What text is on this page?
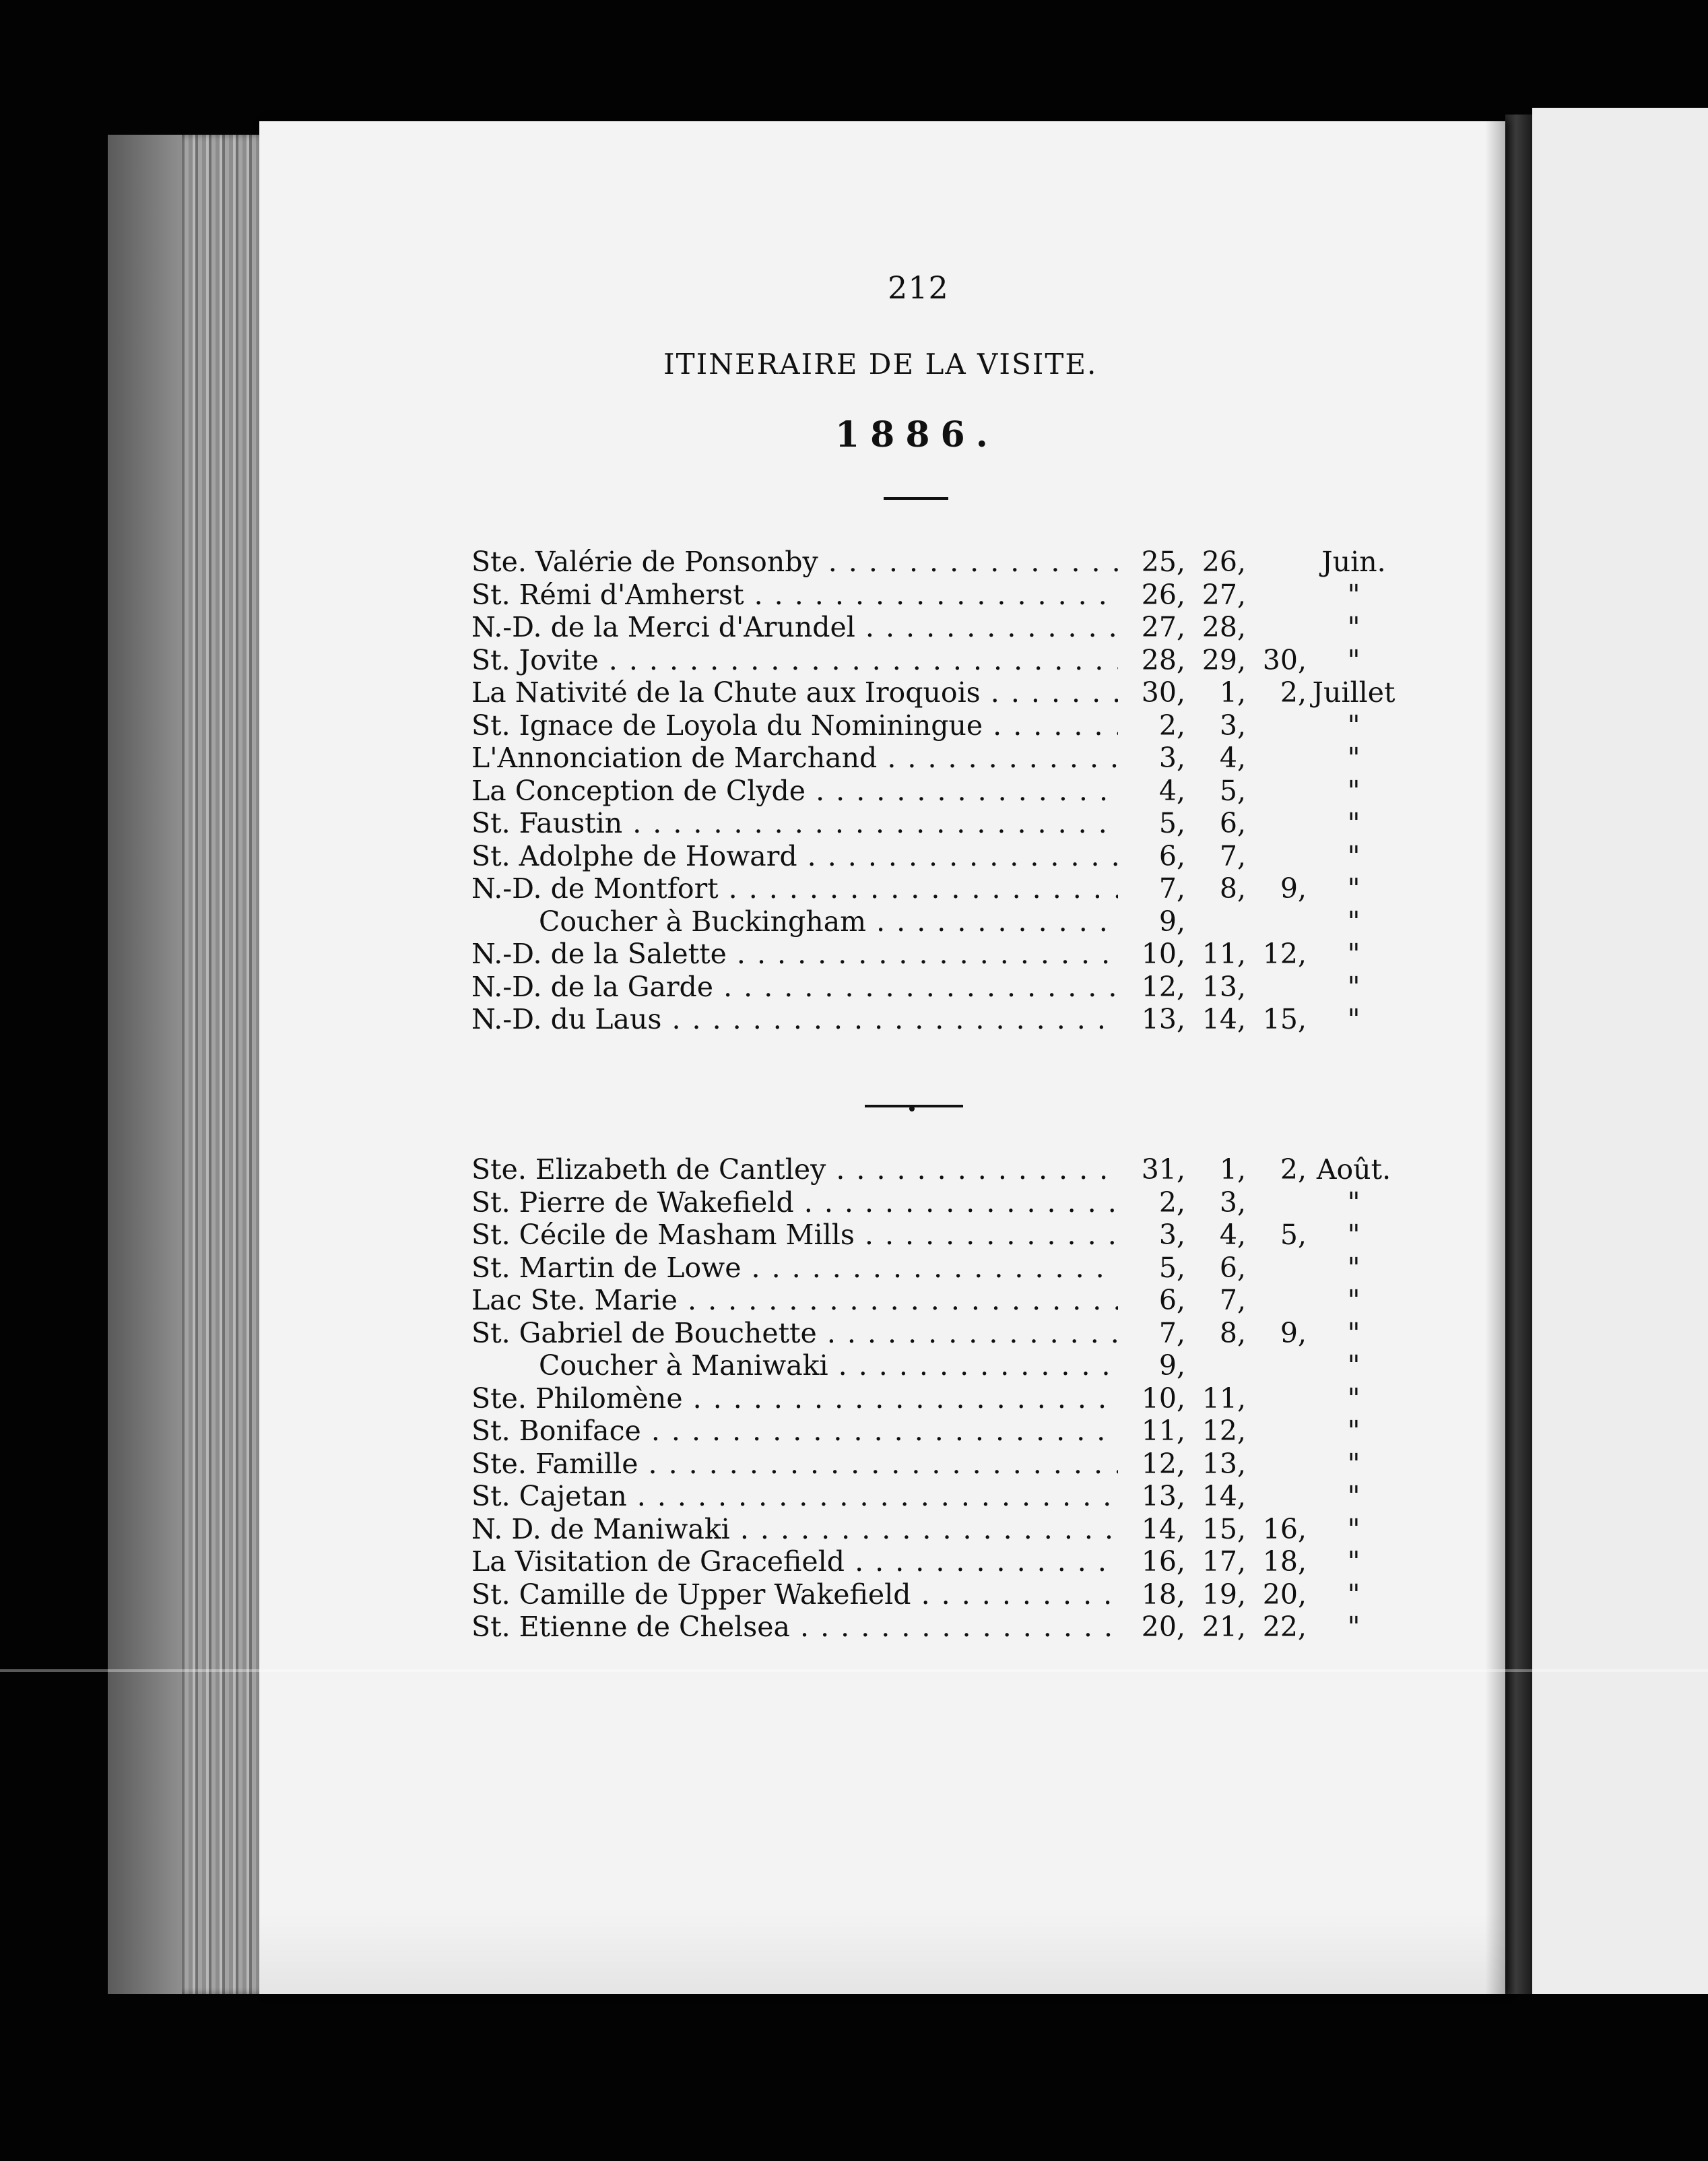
212
ITINERAIRE DE LA VISITE.
1886.
Ste. Valérie de Ponsonby . . .	25, 26,	Juin.
St. Rémi d'Amherst . . .	26, 27,	"
N.-D. de la Merci d'Arundel . . .	27, 28,	"
St. Jovite . . .	28, 29, 30,	"
La Nativité de la Chute aux Iroquois . . .	30,	1,	2, Juillet
St. Ignace de Loyola du Nominingue . . .	2,	3,	"
L'Annonciation de Marchand . . .	3,	4,	"
La Conception de Clyde . . .	4,	5,	"
St. Faustin . . .	5,	6,	"
St. Adolphe de Howard . . .	6,	7,	"
N.-D. de Montfort . . .	7,	8,	9,	"
Coucher à Buckingham . . .	9,	"
N.-D. de la Salette . . .	10, 11, 12,	"
N.-D. de la Garde . . .	12, 13,	"
N.-D. du Laus . . .	13, 14, 15,	"
Ste. Elizabeth de Cantley . . .	31,	1,	2, Août.
St. Pierre de Wakefield . . .	2,	3,	"
St. Cécile de Masham Mills . . .	3,	4,	5,	"
St. Martin de Lowe . . .	5,	6,	"
Lac Ste. Marie . . .	6,	7,	"
St. Gabriel de Bouchette . . .	7,	8,	9,	"
Coucher à Maniwaki . . .	9,	"
Ste. Philomène . . .	10, 11,	"
St. Boniface . . .	11, 12,	"
Ste. Famille . . .	12, 13,	"
St. Cajetan . . .	13, 14,	"
N. D. de Maniwaki . . .	14, 15, 16,	"
La Visitation de Gracefield . . .	16, 17, 18,	"
St. Camille de Upper Wakefield . . .	18, 19, 20,	"
St. Etienne de Chelsea . . .	20, 21, 22,	"
